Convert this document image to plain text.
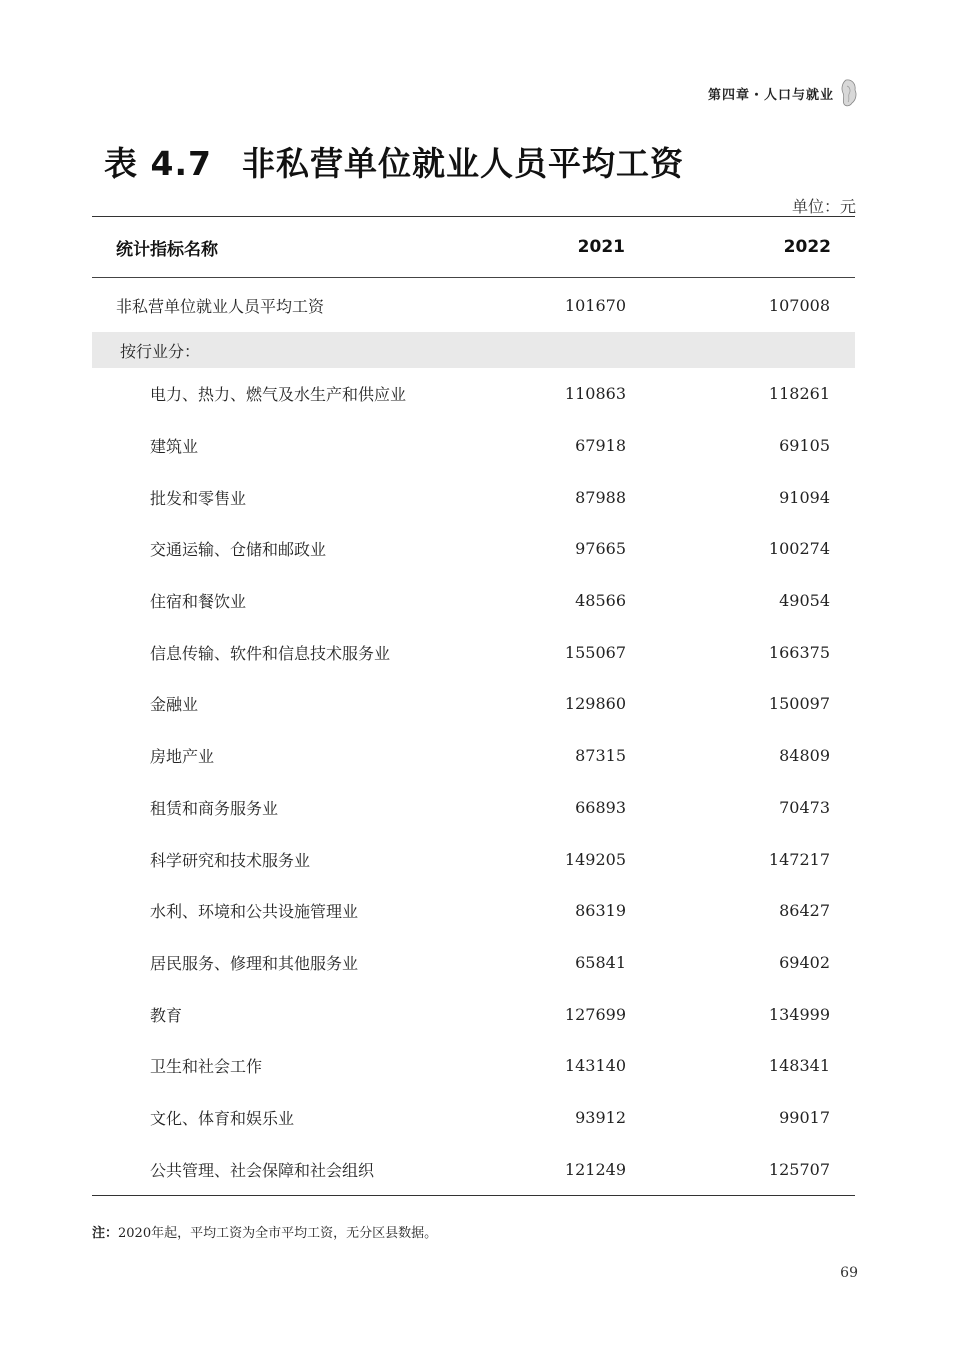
第四章・人口与就业
表 4.7 非私营单位就业人员平均工资
单位：元
统计指标名称	2021	2022
非私营单位就业人员平均工资	101670	107008
按行业分：
电力、热力、燃气及水生产和供应业	110863	118261
建筑业	67918	69105
批发和零售业	87988	91094
交通运输、仓储和邮政业	97665	100274
住宿和餐饮业	48566	49054
信息传输、软件和信息技术服务业	155067	166375
金融业	129860	150097
房地产业	87315	84809
租赁和商务服务业	66893	70473
科学研究和技术服务业	149205	147217
水利、环境和公共设施管理业	86319	86427
居民服务、修理和其他服务业	65841	69402
教育	127699	134999
卫生和社会工作	143140	148341
文化、体育和娱乐业	93912	99017
公共管理、社会保障和社会组织	121249	125707
注：2020年起，平均工资为全市平均工资，无分区县数据。
69
